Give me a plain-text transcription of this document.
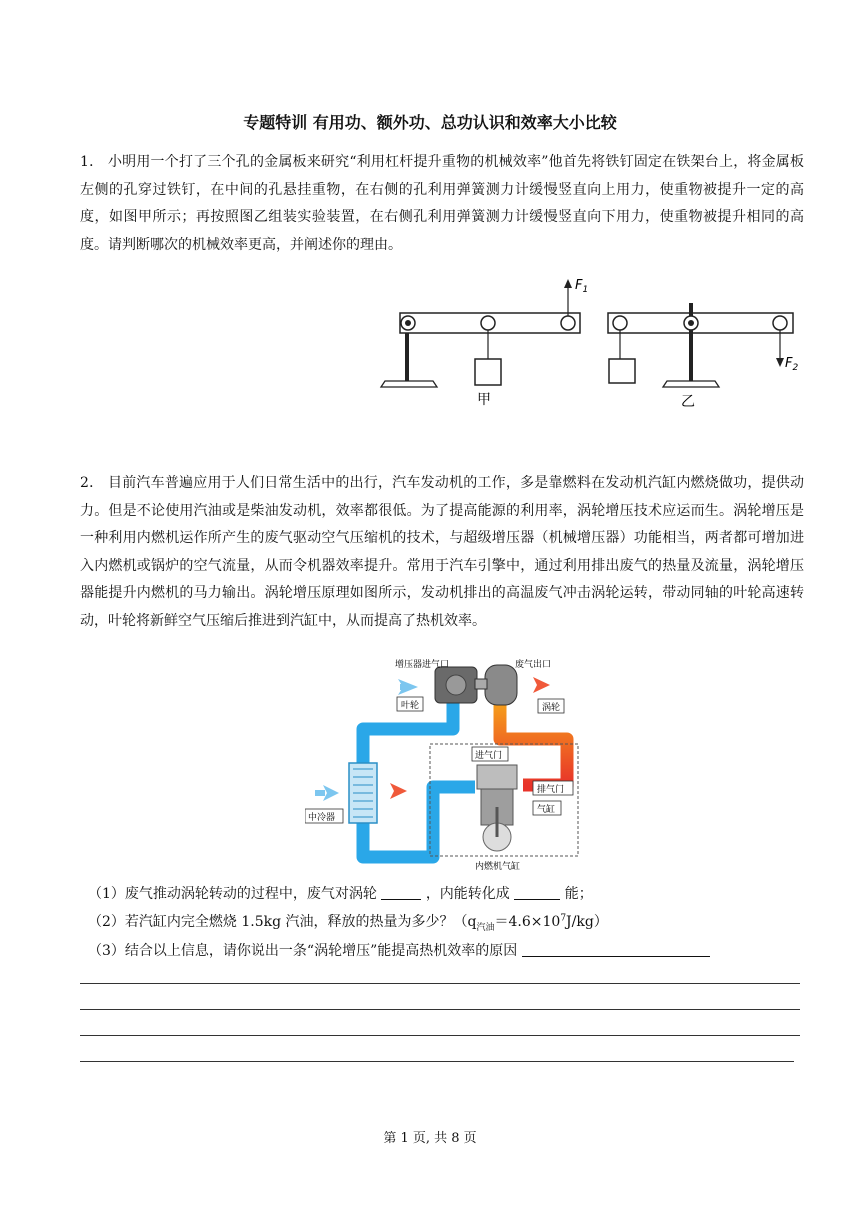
专题特训 有用功、额外功、总功认识和效率大小比较

1． 小明用一个打了三个孔的金属板来研究“利用杠杆提升重物的机械效率”他首先将铁钉固定在铁架台上，将金属板左侧的孔穿过铁钉，在中间的孔悬挂重物，在右侧的孔利用弹簧测力计缓慢竖直向上用力，使重物被提升一定的高度，如图甲所示；再按照图乙组装实验装置，在右侧孔利用弹簧测力计缓慢竖直向下用力，使重物被提升相同的高度。请判断哪次的机械效率更高，并阐述你的理由。

$F_1$
甲
$F_2$
乙

2． 目前汽车普遍应用于人们日常生活中的出行，汽车发动机的工作，多是靠燃料在发动机汽缸内燃烧做功，提供动力。但是不论使用汽油或是柴油发动机，效率都很低。为了提高能源的利用率，涡轮增压技术应运而生。涡轮增压是一种利用内燃机运作所产生的废气驱动空气压缩机的技术，与超级增压器（机械增压器）功能相当，两者都可增加进入内燃机或锅炉的空气流量，从而令机器效率提升。常用于汽车引擎中，通过利用排出废气的热量及流量，涡轮增压器能提升内燃机的马力输出。涡轮增压原理如图所示，发动机排出的高温废气冲击涡轮运转，带动同轴的叶轮高速转动，叶轮将新鲜空气压缩后推进到汽缸中，从而提高了热机效率。

增压器进气口	废气出口
叶轮	涡轮
进气门
排气门
气缸
中冷器
内燃机气缸
（1）废气推动涡轮转动的过程中，废气对涡轮	，内能转化成	能；
（2）若汽缸内完全燃烧 1.5kg 汽油，释放的热量为多少？$(q_{汽油}=4.6\times 10^7J/kg)$
（3）结合以上信息，请你说出一条“涡轮增压”能提高热机效率的原因
第 1 页, 共 8 页
